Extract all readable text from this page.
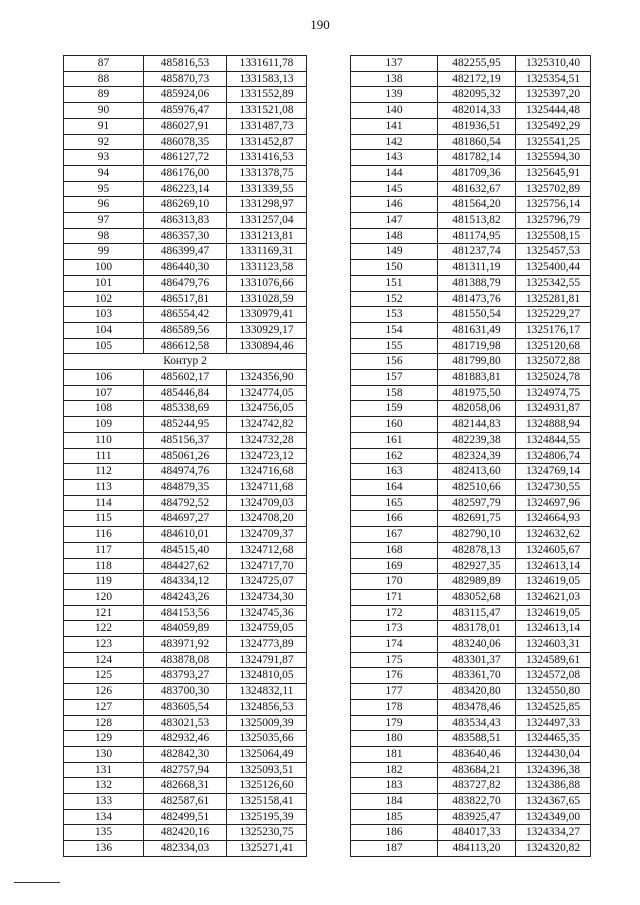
190
87	485816,53	1331611,78
88	485870,73	1331583,13
89	485924,06	1331552,89
90	485976,47	1331521,08
91	486027,91	1331487,73
92	486078,35	1331452,87
93	486127,72	1331416,53
94	486176,00	1331378,75
95	486223,14	1331339,55
96	486269,10	1331298,97
97	486313,83	1331257,04
98	486357,30	1331213,81
99	486399,47	1331169,31
100	486440,30	1331123,58
101	486479,76	1331076,66
102	486517,81	1331028,59
103	486554,42	1330979,41
104	486589,56	1330929,17
105	486612,58	1330894,46
Контур 2		
106	485602,17	1324356,90
107	485446,84	1324774,05
108	485338,69	1324756,05
109	485244,95	1324742,82
110	485156,37	1324732,28
111	485061,26	1324723,12
112	484974,76	1324716,68
113	484879,35	1324711,68
114	484792,52	1324709,03
115	484697,27	1324708,20
116	484610,01	1324709,37
117	484515,40	1324712,68
118	484427,62	1324717,70
119	484334,12	1324725,07
120	484243,26	1324734,30
121	484153,56	1324745,36
122	484059,89	1324759,05
123	483971,92	1324773,89
124	483878,08	1324791,87
125	483793,27	1324810,05
126	483700,30	1324832,11
127	483605,54	1324856,53
128	483021,53	1325009,39
129	482932,46	1325035,66
130	482842,30	1325064,49
131	482757,94	1325093,51
132	482668,31	1325126,60
133	482587,61	1325158,41
134	482499,51	1325195,39
135	482420,16	1325230,75
136	482334,03	1325271,41
137	482255,95	1325310,40
138	482172,19	1325354,51
139	482095,32	1325397,20
140	482014,33	1325444,48
141	481936,51	1325492,29
142	481860,54	1325541,25
143	481782,14	1325594,30
144	481709,36	1325645,91
145	481632,67	1325702,89
146	481564,20	1325756,14
147	481513,82	1325796,79
148	481174,95	1325508,15
149	481237,74	1325457,53
150	481311,19	1325400,44
151	481388,79	1325342,55
152	481473,76	1325281,81
153	481550,54	1325229,27
154	481631,49	1325176,17
155	481719,98	1325120,68
156	481799,80	1325072,88
157	481883,81	1325024,78
158	481975,50	1324974,75
159	482058,06	1324931,87
160	482144,83	1324888,94
161	482239,38	1324844,55
162	482324,39	1324806,74
163	482413,60	1324769,14
164	482510,66	1324730,55
165	482597,79	1324697,96
166	482691,75	1324664,93
167	482790,10	1324632,62
168	482878,13	1324605,67
169	482927,35	1324613,14
170	482989,89	1324619,05
171	483052,68	1324621,03
172	483115,47	1324619,05
173	483178,01	1324613,14
174	483240,06	1324603,31
175	483301,37	1324589,61
176	483361,70	1324572,08
177	483420,80	1324550,80
178	483478,46	1324525,85
179	483534,43	1324497,33
180	483588,51	1324465,35
181	483640,46	1324430,04
182	483684,21	1324396,38
183	483727,82	1324386,88
184	483822,70	1324367,65
185	483925,47	1324349,00
186	484017,33	1324334,27
187	484113,20	1324320,82
